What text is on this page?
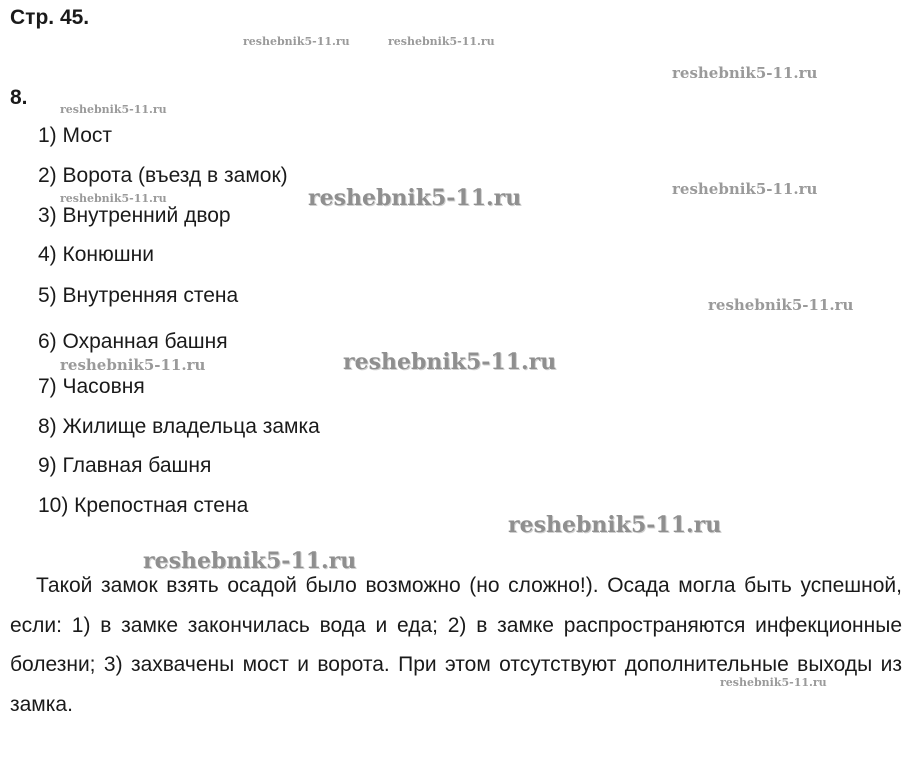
Стр. 45.
8.
1) Мост
2) Ворота (въезд в замок)
3) Внутренний двор
4) Конюшни
5) Внутренняя стена
6) Охранная башня
7) Часовня
8) Жилище владельца замка
9) Главная башня
10) Крепостная стена

Такой замок взять осадой было возможно (но сложно!). Осада могла быть успешной, если: 1) в замке закончилась вода и еда; 2) в замке распространяются инфекционные болезни; 3) захвачены мост и ворота. При этом отсутствуют дополнительные выходы из замка.

reshebnik5-11.ru	reshebnik5-11.ru
reshebnik5-11.ru
reshebnik5-11.ru
reshebnik5-11.ru	reshebnik5-11.ru	reshebnik5-11.ru
reshebnik5-11.ru
reshebnik5-11.ru
reshebnik5-11.ru
reshebnik5-11.ru
reshebnik5-11.ru
reshebnik5-11.ru
